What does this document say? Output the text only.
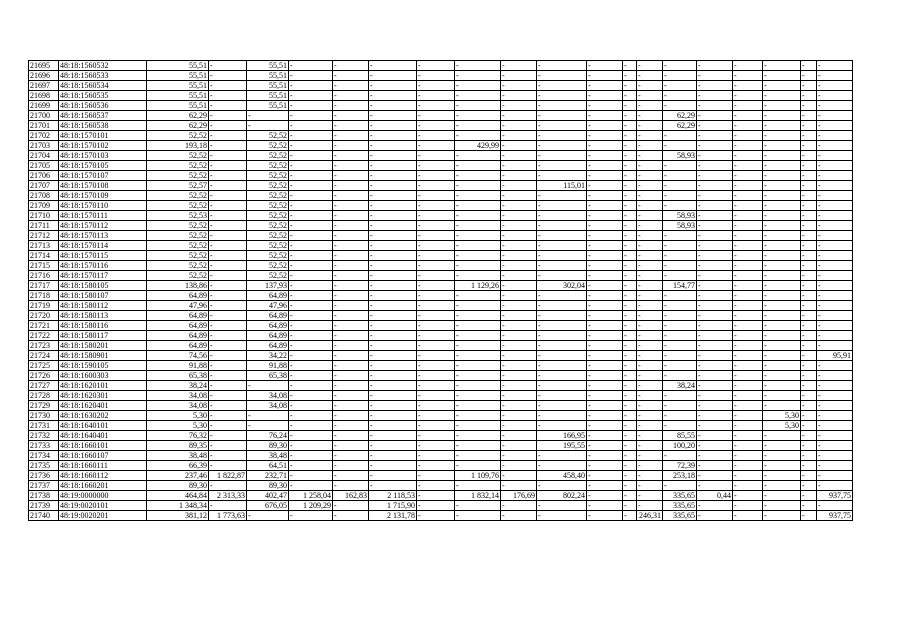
21695	48:18:1560532	55,51	-	55,51	-	-	-	-	-	-	-	-	-	-	-	-	-	-	-	-
21696	48:18:1560533	55,51	-	55,51	-	-	-	-	-	-	-	-	-	-	-	-	-	-	-	-
21697	48:18:1560534	55,51	-	55,51	-	-	-	-	-	-	-	-	-	-	-	-	-	-	-	-
21698	48:18:1560535	55,51	-	55,51	-	-	-	-	-	-	-	-	-	-	-	-	-	-	-	-
21699	48:18:1560536	55,51	-	55,51	-	-	-	-	-	-	-	-	-	-	-	-	-	-	-	-
21700	48:18:1560537	62,29	-	-	-	-	-	-	-	-	-	-	-	-	62,29	-	-	-	-	-
21701	48:18:1560538	62,29	-	-	-	-	-	-	-	-	-	-	-	-	62,29	-	-	-	-	-
21702	48:18:1570101	52,52	-	52,52	-	-	-	-	-	-	-	-	-	-	-	-	-	-	-	-
21703	48:18:1570102	193,18	-	52,52	-	-	-	-	429,99	-	-	-	-	-	-	-	-	-	-	-
21704	48:18:1570103	52,52	-	52,52	-	-	-	-	-	-	-	-	-	-	58,93	-	-	-	-	-
21705	48:18:1570105	52,52	-	52,52	-	-	-	-	-	-	-	-	-	-	-	-	-	-	-	-
21706	48:18:1570107	52,52	-	52,52	-	-	-	-	-	-	-	-	-	-	-	-	-	-	-	-
21707	48:18:1570108	52,57	-	52,52	-	-	-	-	-	-	115,01	-	-	-	-	-	-	-	-	-
21708	48:18:1570109	52,52	-	52,52	-	-	-	-	-	-	-	-	-	-	-	-	-	-	-	-
21709	48:18:1570110	52,52	-	52,52	-	-	-	-	-	-	-	-	-	-	-	-	-	-	-	-
21710	48:18:1570111	52,53	-	52,52	-	-	-	-	-	-	-	-	-	-	58,93	-	-	-	-	-
21711	48:18:1570112	52,52	-	52,52	-	-	-	-	-	-	-	-	-	-	58,93	-	-	-	-	-
21712	48:18:1570113	52,52	-	52,52	-	-	-	-	-	-	-	-	-	-	-	-	-	-	-	-
21713	48:18:1570114	52,52	-	52,52	-	-	-	-	-	-	-	-	-	-	-	-	-	-	-	-
21714	48:18:1570115	52,52	-	52,52	-	-	-	-	-	-	-	-	-	-	-	-	-	-	-	-
21715	48:18:1570116	52,52	-	52,52	-	-	-	-	-	-	-	-	-	-	-	-	-	-	-	-
21716	48:18:1570117	52,52	-	52,52	-	-	-	-	-	-	-	-	-	-	-	-	-	-	-	-
21717	48:18:1580105	138,86	-	137,93	-	-	-	-	1 129,26	-	302,04	-	-	-	154,77	-	-	-	-	-
21718	48:18:1580107	64,89	-	64,89	-	-	-	-	-	-	-	-	-	-	-	-	-	-	-	-
21719	48:18:1580112	47,96	-	47,96	-	-	-	-	-	-	-	-	-	-	-	-	-	-	-	-
21720	48:18:1580113	64,89	-	64,89	-	-	-	-	-	-	-	-	-	-	-	-	-	-	-	-
21721	48:18:1580116	64,89	-	64,89	-	-	-	-	-	-	-	-	-	-	-	-	-	-	-	-
21722	48:18:1580117	64,89	-	64,89	-	-	-	-	-	-	-	-	-	-	-	-	-	-	-	-
21723	48:18:1580201	64,89	-	64,89	-	-	-	-	-	-	-	-	-	-	-	-	-	-	-	-
21724	48:18:1580901	74,56	-	34,22	-	-	-	-	-	-	-	-	-	-	-	-	-	-	-	95,91
21725	48:18:1590105	91,88	-	91,88	-	-	-	-	-	-	-	-	-	-	-	-	-	-	-	-
21726	48:18:1600303	65,38	-	65,38	-	-	-	-	-	-	-	-	-	-	-	-	-	-	-	-
21727	48:18:1620101	38,24	-	-	-	-	-	-	-	-	-	-	-	-	38,24	-	-	-	-	-
21728	48:18:1620301	34,08	-	34,08	-	-	-	-	-	-	-	-	-	-	-	-	-	-	-	-
21729	48:18:1620401	34,08	-	34,08	-	-	-	-	-	-	-	-	-	-	-	-	-	-	-	-
21730	48:18:1630202	5,30	-	-	-	-	-	-	-	-	-	-	-	-	-	-	-	5,30	-	-
21731	48:18:1640101	5,30	-	-	-	-	-	-	-	-	-	-	-	-	-	-	-	5,30	-	-
21732	48:18:1640401	76,32	-	76,24	-	-	-	-	-	-	166,95	-	-	-	85,55	-	-	-	-	-
21733	48:18:1660101	89,35	-	89,30	-	-	-	-	-	-	195,55	-	-	-	100,20	-	-	-	-	-
21734	48:18:1660107	38,48	-	38,48	-	-	-	-	-	-	-	-	-	-	-	-	-	-	-	-
21735	48:18:1660111	66,39	-	64,51	-	-	-	-	-	-	-	-	-	-	72,39	-	-	-	-	-
21736	48:18:1660112	237,46	1 822,87	232,71	-	-	-	-	1 109,76	-	458,40	-	-	-	253,18	-	-	-	-	-
21737	48:18:1660201	89,30	-	89,30	-	-	-	-	-	-	-	-	-	-	-	-	-	-	-	-
21738	48:19:0000000	464,84	2 313,33	402,47	1 258,04	162,83	2 118,53	-	1 832,14	176,69	802,24	-	-	-	335,65	0,44	-	-	-	937,75
21739	48:19:0020101	1 348,34	-	676,05	1 209,29	-	1 715,90	-	-	-	-	-	-	-	335,65	-	-	-	-	-
21740	48:19:0020201	381,12	1 773,63	-	-	-	2 131,78	-	-	-	-	-	-	246,31	335,65	-	-	-	-	937,75
